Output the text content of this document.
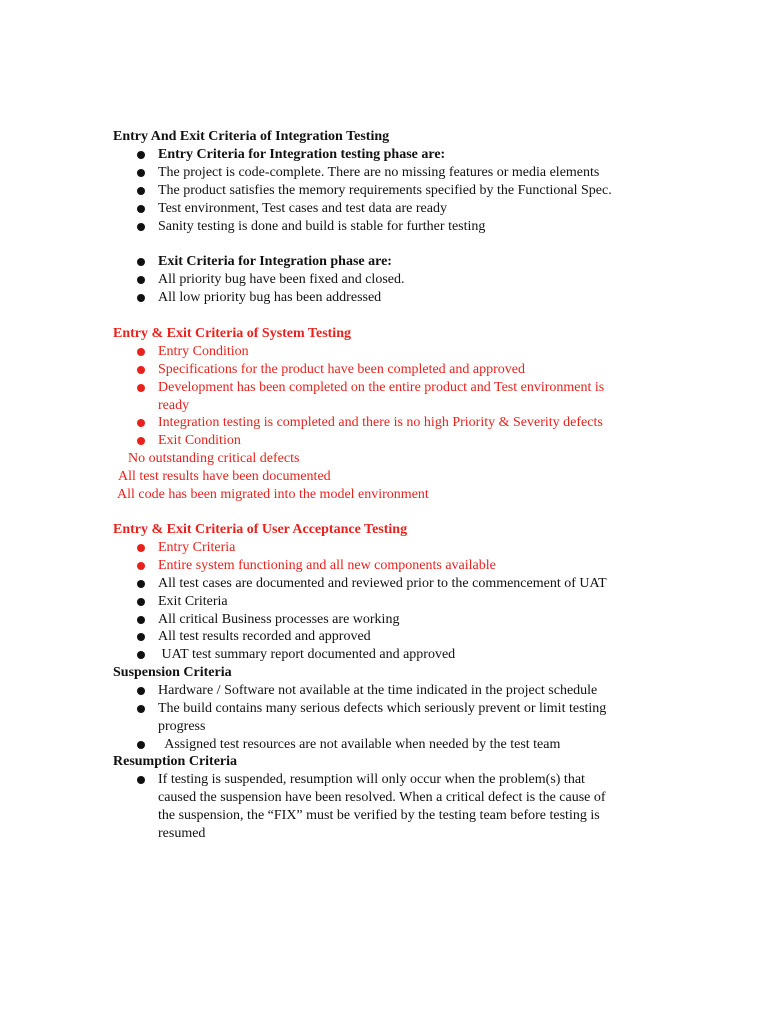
Entry And Exit Criteria of Integration Testing
Entry Criteria for Integration testing phase are:
The project is code-complete. There are no missing features or media elements
The product satisfies the memory requirements specified by the Functional Spec.
Test environment, Test cases and test data are ready
Sanity testing is done and build is stable for further testing
Exit Criteria for Integration phase are:
All priority bug have been fixed and closed.
All low priority bug has been addressed
Entry & Exit Criteria of System Testing
Entry Condition
Specifications for the product have been completed and approved
Development has been completed on the entire product and Test environment is
ready
Integration testing is completed and there is no high Priority & Severity defects
Exit Condition
No outstanding critical defects
All test results have been documented
All code has been migrated into the model environment
Entry & Exit Criteria of User Acceptance Testing
Entry Criteria
Entire system functioning and all new components available
All test cases are documented and reviewed prior to the commencement of UAT
Exit Criteria
All critical Business processes are working
All test results recorded and approved
UAT test summary report documented and approved
Suspension Criteria
Hardware / Software not available at the time indicated in the project schedule
The build contains many serious defects which seriously prevent or limit testing
progress
Assigned test resources are not available when needed by the test team
Resumption Criteria
If testing is suspended, resumption will only occur when the problem(s) that
caused the suspension have been resolved. When a critical defect is the cause of
the suspension, the “FIX” must be verified by the testing team before testing is
resumed
